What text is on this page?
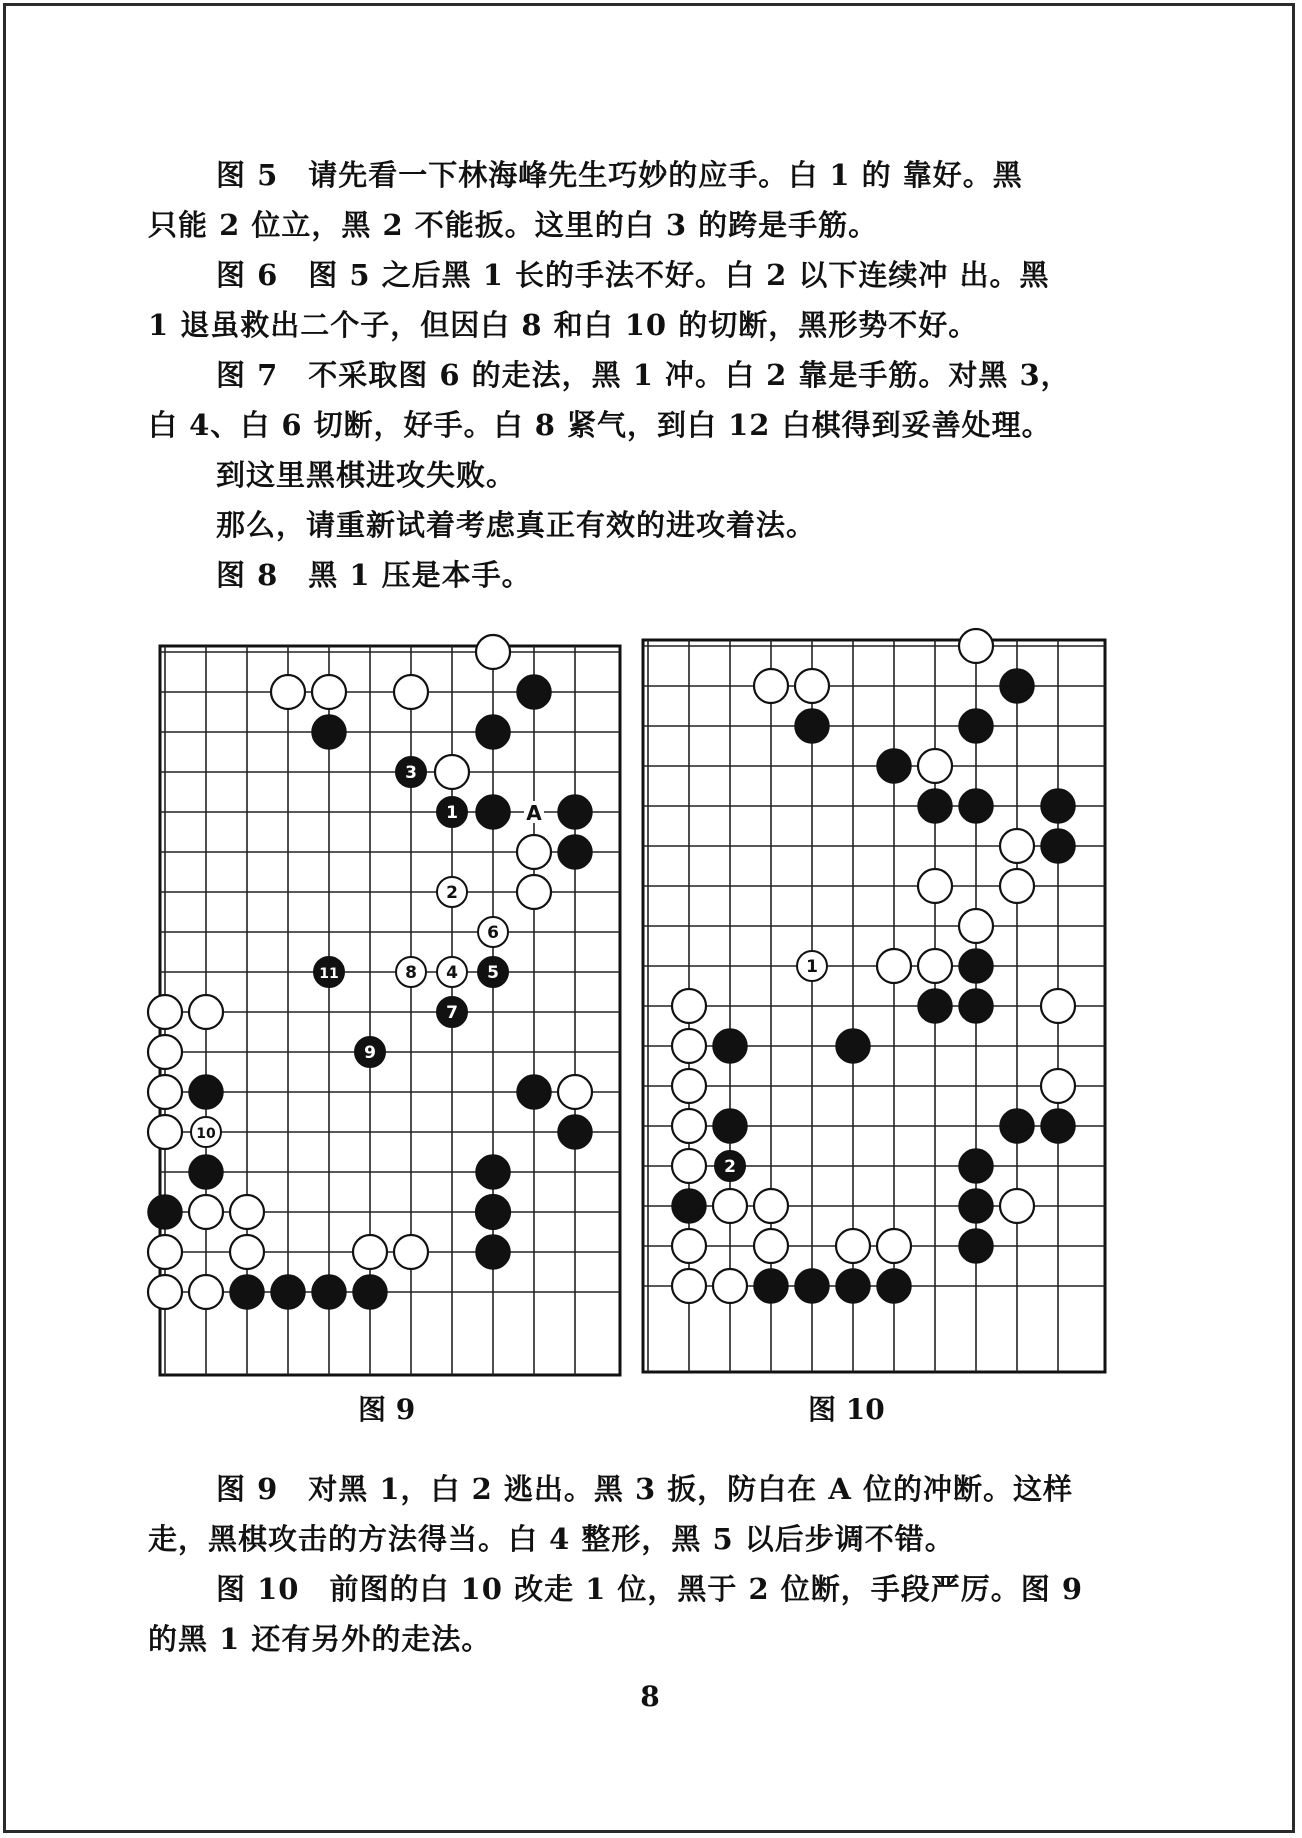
图 5　请先看一下林海峰先生巧妙的应手。白 1 的 靠好。黑
只能 2 位立，黑 2 不能扳。这里的白 3 的跨是手筋。
图 6　图 5 之后黑 1 长的手法不好。白 2 以下连续冲 出。黑
1 退虽救出二个子，但因白 8 和白 10 的切断，黑形势不好。
图 7　不采取图 6 的走法，黑 1 冲。白 2 靠是手筋。对黑 3，
白 4、白 6 切断，好手。白 8 紧气，到白 12 白棋得到妥善处理。
到这里黑棋进攻失败。
那么，请重新试着考虑真正有效的进攻着法。
图 8　黑 1 压是本手。
3
1
2
6
11	8 4 5
7
9
10
A
1
2
图 9	图 10
图 9　对黑 1，白 2 逃出。黑 3 扳，防白在 A 位的冲断。这样
走，黑棋攻击的方法得当。白 4 整形，黑 5 以后步调不错。
图 10　前图的白 10 改走 1 位，黑于 2 位断，手段严厉。图 9
的黑 1 还有另外的走法。
8
